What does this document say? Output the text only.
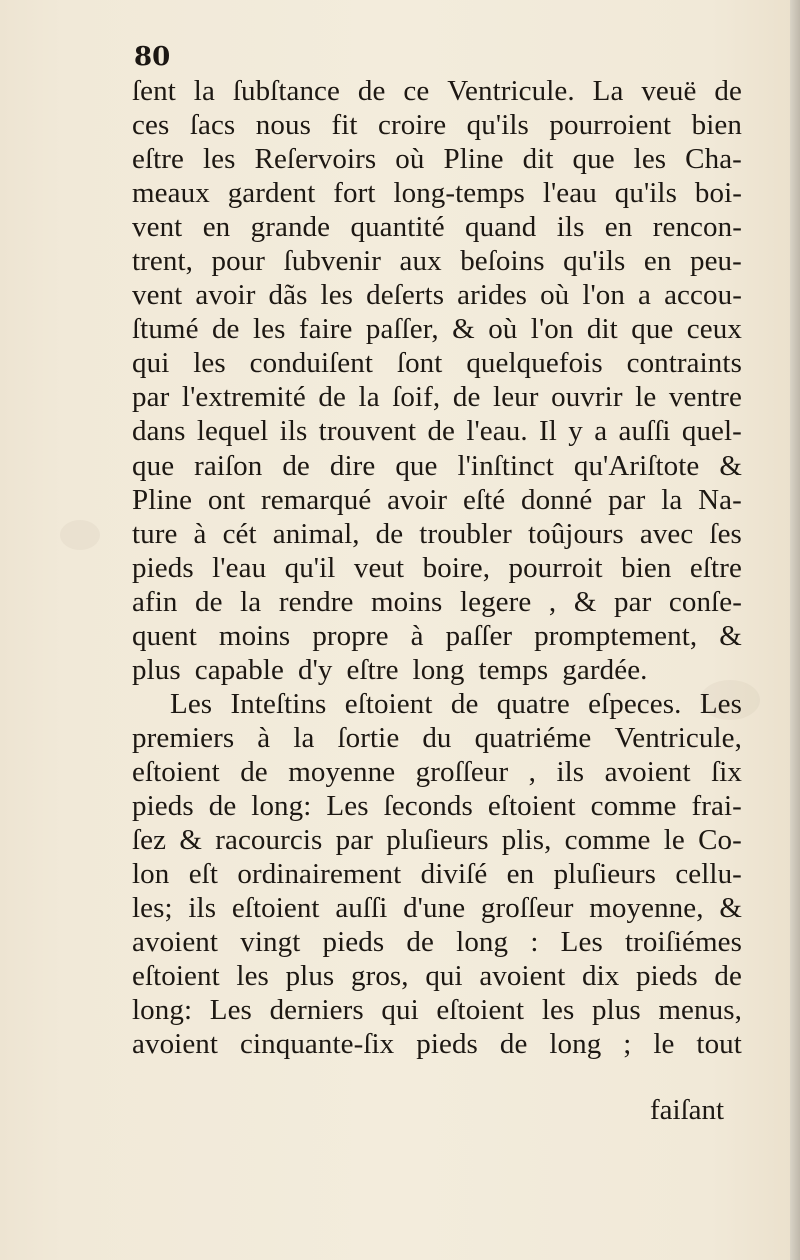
80
ſent la ſubſtance de ce Ventricule. La veuë de
ces ſacs nous fit croire qu'ils pourroient bien
eſtre les Reſervoirs où Pline dit que les Cha-
meaux gardent fort long-temps l'eau qu'ils boi-
vent en grande quantité quand ils en rencon-
trent, pour ſubvenir aux beſoins qu'ils en peu-
vent avoir dãs les deſerts arides où l'on a accou-
ſtumé de les faire paſſer, & où l'on dit que ceux
qui les conduiſent ſont quelquefois contraints
par l'extremité de la ſoif, de leur ouvrir le ventre
dans lequel ils trouvent de l'eau. Il y a auſſi quel-
que raiſon de dire que l'inſtinct qu'Ariſtote &
Pline ont remarqué avoir eſté donné par la Na-
ture à cét animal, de troubler toûjours avec ſes
pieds l'eau qu'il veut boire, pourroit bien eſtre
afin de la rendre moins legere , & par conſe-
quent moins propre à paſſer promptement, &
plus capable d'y eſtre long temps gardée.
Les Inteſtins eſtoient de quatre eſpeces. Les
premiers à la ſortie du quatriéme Ventricule,
eſtoient de moyenne groſſeur , ils avoient ſix
pieds de long: Les ſeconds eſtoient comme frai-
ſez & racourcis par pluſieurs plis, comme le Co-
lon eſt ordinairement diviſé en pluſieurs cellu-
les; ils eſtoient auſſi d'une groſſeur moyenne, &
avoient vingt pieds de long : Les troiſiémes
eſtoient les plus gros, qui avoient dix pieds de
long: Les derniers qui eſtoient les plus menus,
avoient cinquante-ſix pieds de long ; le tout
faiſant
